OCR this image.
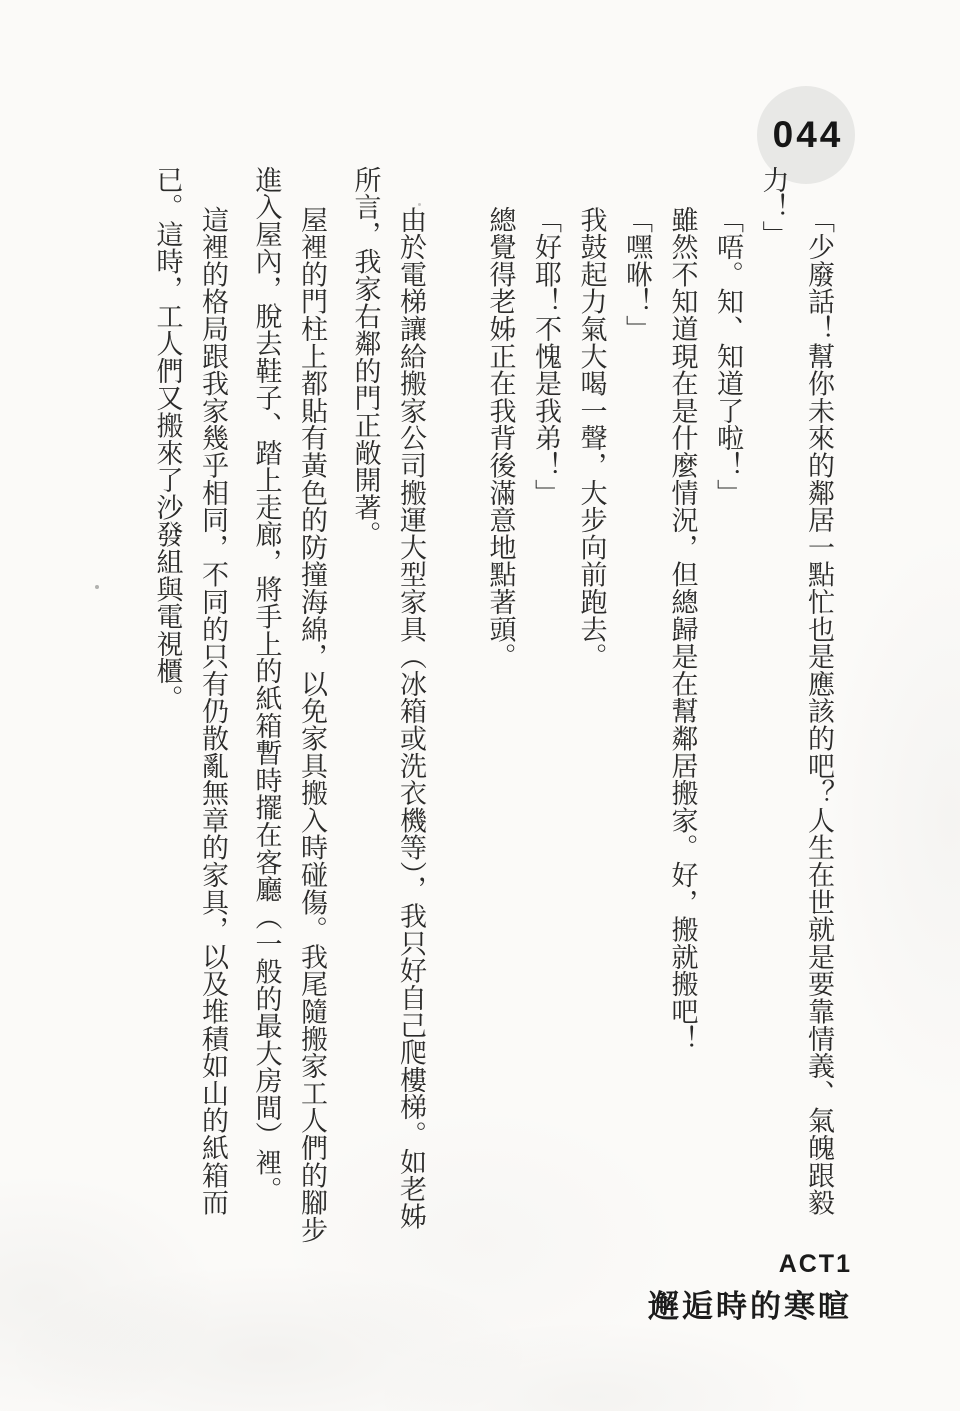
044

「少廢話！幫你未來的鄰居一點忙也是應該的吧？人生在世就是要靠情義、氣魄跟毅力！」

「唔。知、知道了啦！」

雖然不知道現在是什麼情況，但總歸是在幫鄰居搬家。好，搬就搬吧！

「嘿咻！」

我鼓起力氣大喝一聲，大步向前跑去。

「好耶！不愧是我弟！」

總覺得老姊正在我背後滿意地點著頭。

由於電梯讓給搬家公司搬運大型家具（冰箱或洗衣機等），我只好自己爬樓梯。如老姊所言，我家右鄰的門正敞開著。

屋裡的門柱上都貼有黃色的防撞海綿，以免家具搬入時碰傷。我尾隨搬家工人們的腳步進入屋內，脫去鞋子、踏上走廊，將手上的紙箱暫時擺在客廳（一般的最大房間）裡。

這裡的格局跟我家幾乎相同，不同的只有仍散亂無章的家具，以及堆積如山的紙箱而已。這時，工人們又搬來了沙發組與電視櫃。

ACT1
邂逅時的寒暄
